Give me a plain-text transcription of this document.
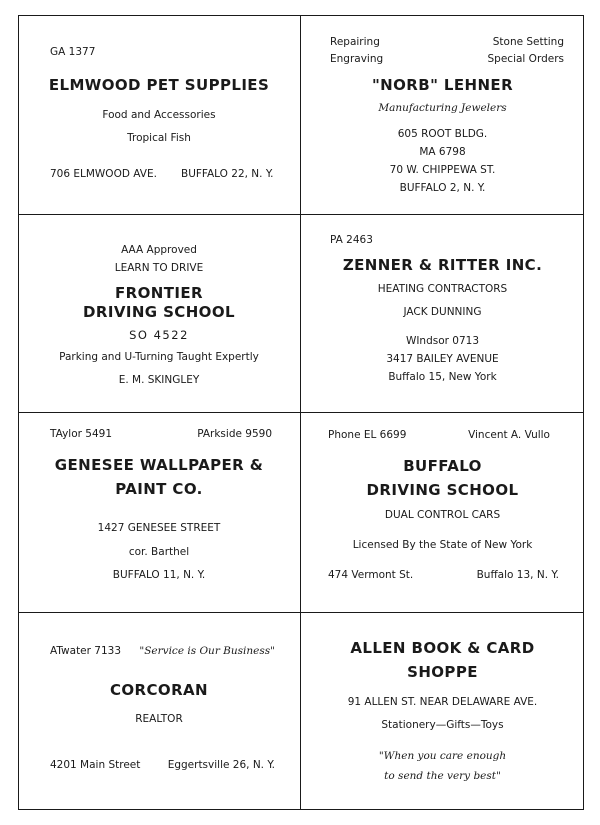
GA 1377
ELMWOOD PET SUPPLIES
Food and Accessories
Tropical Fish
706 ELMWOOD AVE. BUFFALO 22, N. Y.
Repairing
Engraving
Stone Setting
Special Orders
"NORB" LEHNER
Manufacturing Jewelers
605 ROOT BLDG.
MA 6798
70 W. CHIPPEWA ST.
BUFFALO 2, N. Y.
AAA Approved
LEARN TO DRIVE
FRONTIER
DRIVING SCHOOL
SO 4522
Parking and U-Turning Taught Expertly
E. M. SKINGLEY
PA 2463
ZENNER & RITTER INC.
HEATING CONTRACTORS
JACK DUNNING
WIndsor 0713
3417 BAILEY AVENUE
Buffalo 15, New York
TAylor 5491	PArkside 9590
GENESEE WALLPAPER &
PAINT CO.
1427 GENESEE STREET
cor. Barthel
BUFFALO 11, N. Y.
Phone EL 6699	Vincent A. Vullo
BUFFALO
DRIVING SCHOOL
DUAL CONTROL CARS
Licensed By the State of New York
474 Vermont St.	Buffalo 13, N. Y.
ATwater 7133 "Service is Our Business"
CORCORAN
REALTOR
4201 Main Street	Eggertsville 26, N. Y.
ALLEN BOOK & CARD
SHOPPE
91 ALLEN ST. NEAR DELAWARE AVE.
Stationery—Gifts—Toys
"When you care enough
to send the very best"
